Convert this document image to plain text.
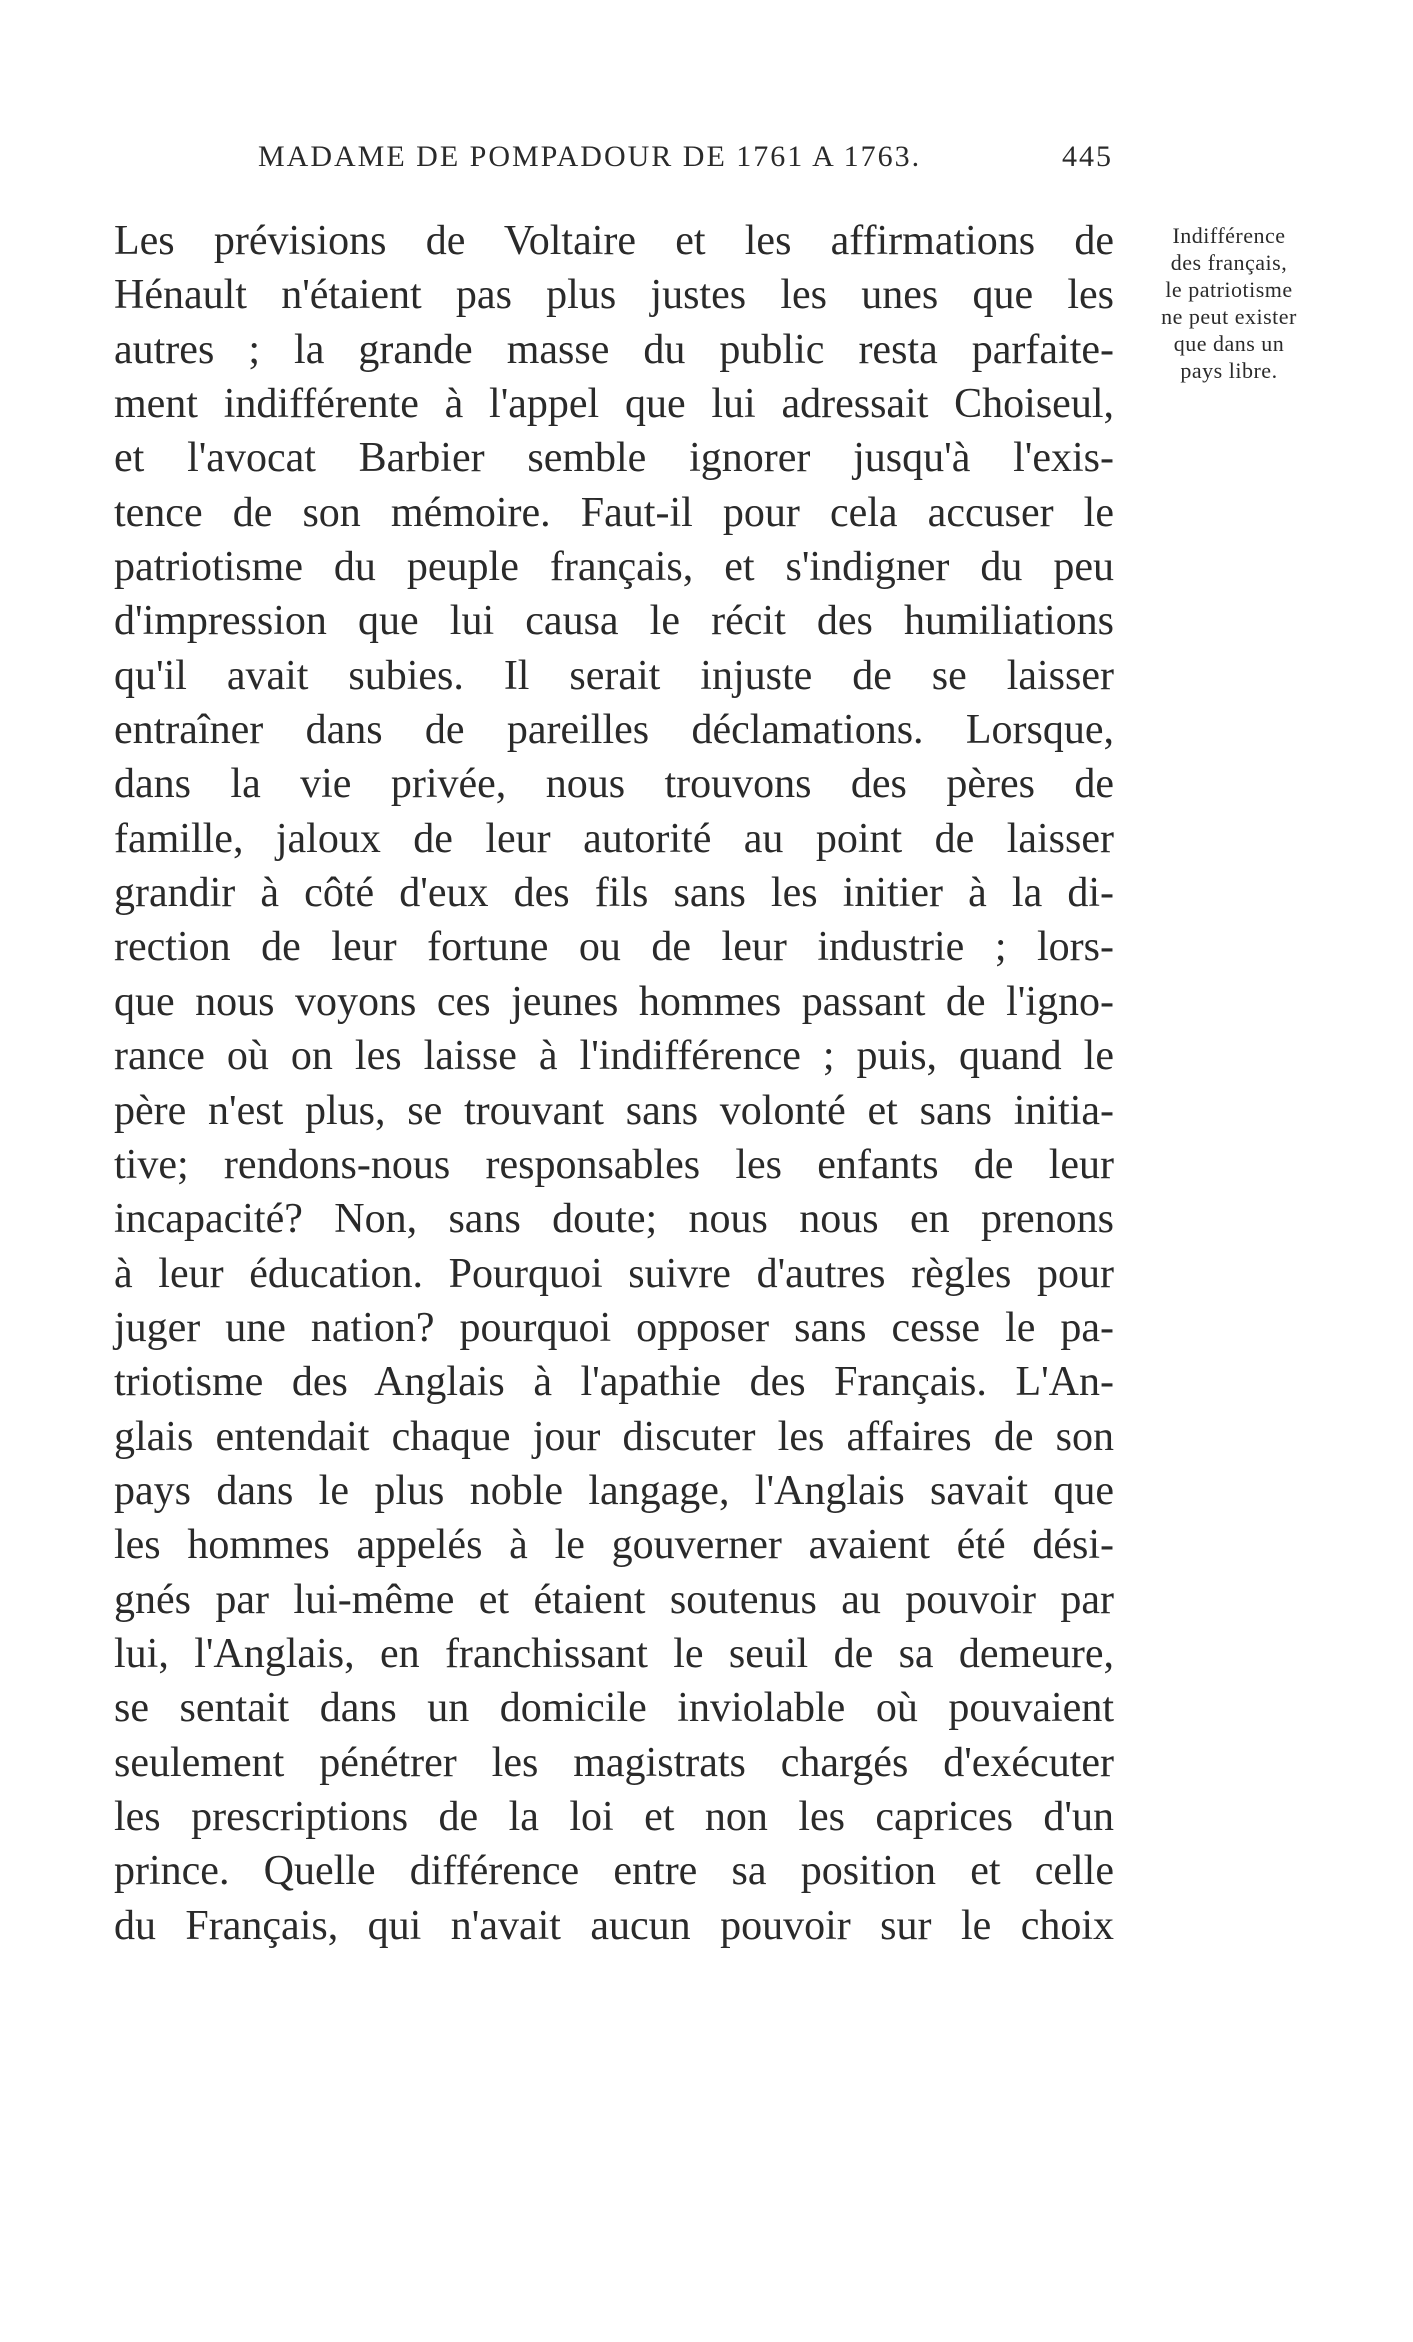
MADAME DE POMPADOUR DE 1761 A 1763.	445
Indifférence
des français,
le patriotisme
ne peut exister
que dans un
pays libre.
Les prévisions de Voltaire et les affirmations de
Hénault n'étaient pas plus justes les unes que les
autres ; la grande masse du public resta parfaite-
ment indifférente à l'appel que lui adressait Choiseul,
et l'avocat Barbier semble ignorer jusqu'à l'exis-
tence de son mémoire. Faut-il pour cela accuser le
patriotisme du peuple français, et s'indigner du peu
d'impression que lui causa le récit des humiliations
qu'il avait subies. Il serait injuste de se laisser
entraîner dans de pareilles déclamations. Lorsque,
dans la vie privée, nous trouvons des pères de
famille, jaloux de leur autorité au point de laisser
grandir à côté d'eux des fils sans les initier à la di-
rection de leur fortune ou de leur industrie ; lors-
que nous voyons ces jeunes hommes passant de l'igno-
rance où on les laisse à l'indifférence ; puis, quand le
père n'est plus, se trouvant sans volonté et sans initia-
tive; rendons-nous responsables les enfants de leur
incapacité? Non, sans doute; nous nous en prenons
à leur éducation. Pourquoi suivre d'autres règles pour
juger une nation? pourquoi opposer sans cesse le pa-
triotisme des Anglais à l'apathie des Français. L'An-
glais entendait chaque jour discuter les affaires de son
pays dans le plus noble langage, l'Anglais savait que
les hommes appelés à le gouverner avaient été dési-
gnés par lui-même et étaient soutenus au pouvoir par
lui, l'Anglais, en franchissant le seuil de sa demeure,
se sentait dans un domicile inviolable où pouvaient
seulement pénétrer les magistrats chargés d'exécuter
les prescriptions de la loi et non les caprices d'un
prince. Quelle différence entre sa position et celle
du Français, qui n'avait aucun pouvoir sur le choix
